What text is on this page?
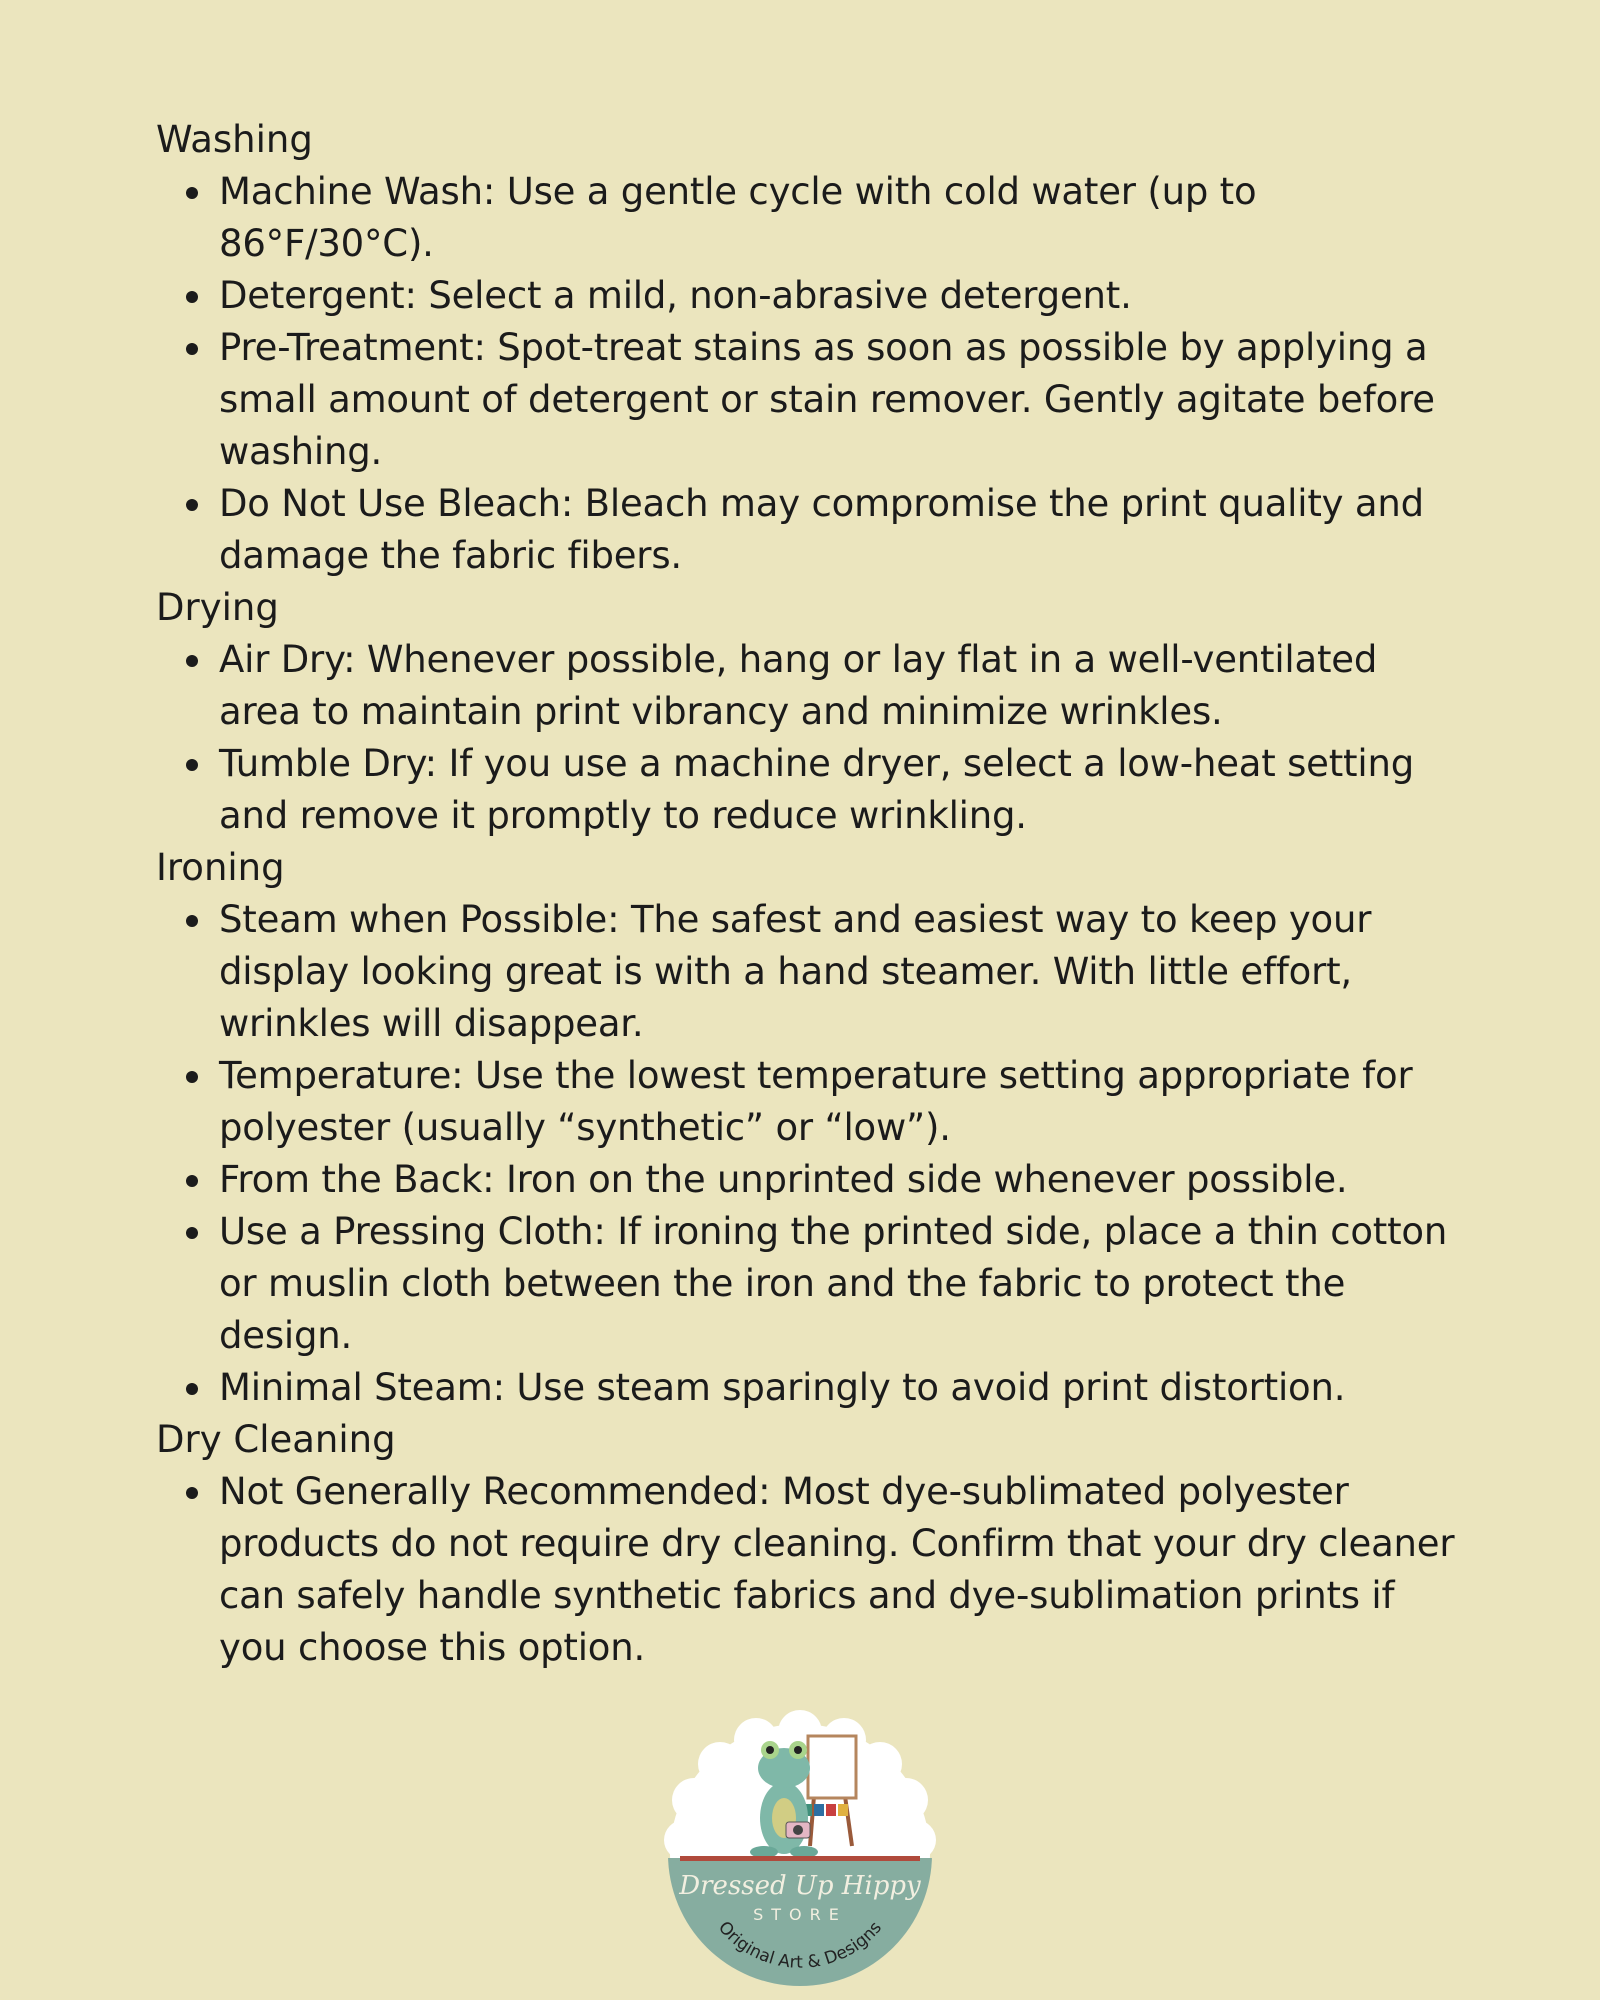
Washing
Machine Wash: Use a gentle cycle with cold water (up to 86°F/30°C).
Detergent: Select a mild, non-abrasive detergent.
Pre-Treatment: Spot-treat stains as soon as possible by applying a small amount of detergent or stain remover. Gently agitate before washing.
Do Not Use Bleach: Bleach may compromise the print quality and damage the fabric fibers.
Drying
Air Dry: Whenever possible, hang or lay flat in a well-ventilated area to maintain print vibrancy and minimize wrinkles.
Tumble Dry: If you use a machine dryer, select a low-heat setting and remove it promptly to reduce wrinkling.
Ironing
Steam when Possible: The safest and easiest way to keep your display looking great is with a hand steamer. With little effort, wrinkles will disappear.
Temperature: Use the lowest temperature setting appropriate for polyester (usually “synthetic” or “low”).
From the Back: Iron on the unprinted side whenever possible.
Use a Pressing Cloth: If ironing the printed side, place a thin cotton or muslin cloth between the iron and the fabric to protect the design.
Minimal Steam: Use steam sparingly to avoid print distortion.
Dry Cleaning
Not Generally Recommended: Most dye-sublimated polyester products do not require dry cleaning. Confirm that your dry cleaner can safely handle synthetic fabrics and dye-sublimation prints if you choose this option.
Dressed Up Hippy
STORE
Original Art & Designs
